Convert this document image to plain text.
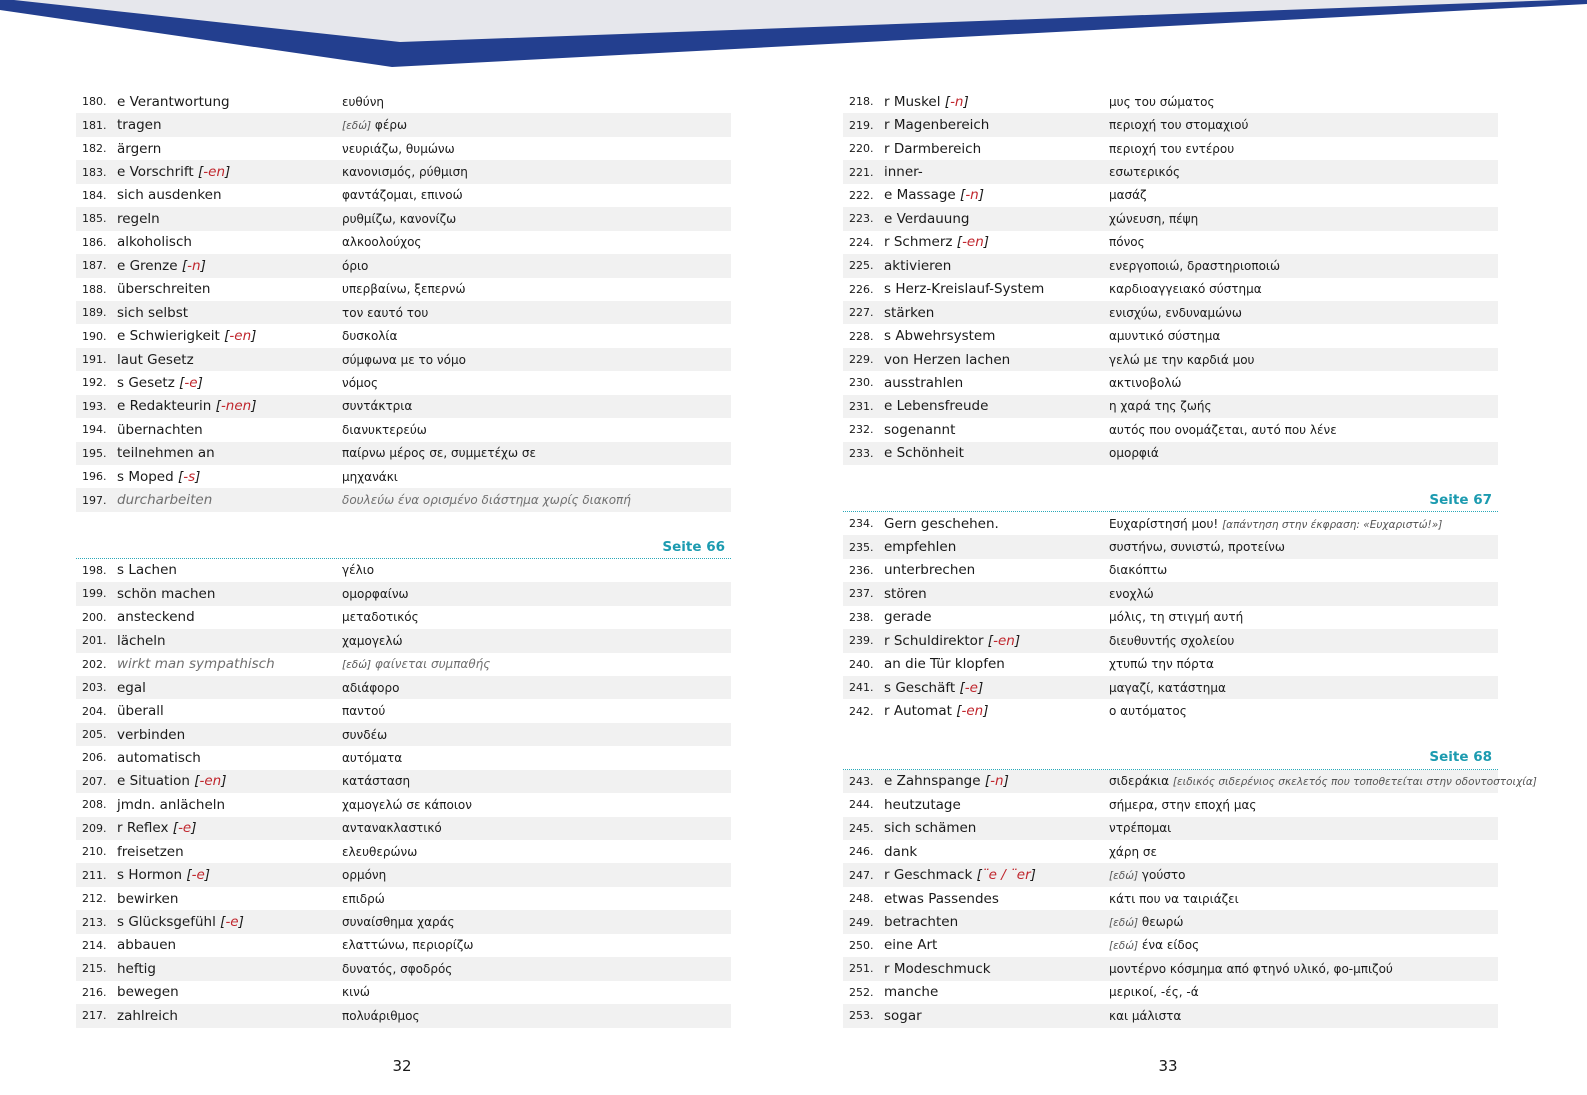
180. e Verantwortung	ευθύνη
181. tragen	[εδώ] φέρω
182. ärgern	νευριάζω, θυμώνω
183. e Vorschrift [-en]	κανονισμός, ρύθμιση
184. sich ausdenken	φαντάζομαι, επινοώ
185. regeln	ρυθμίζω, κανονίζω
186. alkoholisch	αλκοολούχος
187. e Grenze [-n]	όριο
188. überschreiten	υπερβαίνω, ξεπερνώ
189. sich selbst	τον εαυτό του
190. e Schwierigkeit [-en]	δυσκολία
191. laut Gesetz	σύμφωνα με το νόμο
192. s Gesetz [-e]	νόμος
193. e Redakteurin [-nen]	συντάκτρια
194. übernachten	διανυκτερεύω
195. teilnehmen an	παίρνω μέρος σε, συμμετέχω σε
196. s Moped [-s]	μηχανάκι
197. durcharbeiten	δουλεύω ένα ορισμένο διάστημα χωρίς διακοπή
Seite 66
198. s Lachen	γέλιο
199. schön machen	ομορφαίνω
200. ansteckend	μεταδοτικός
201. lächeln	χαμογελώ
202. wirkt man sympathisch	[εδώ] φαίνεται συμπαθής
203. egal	αδιάφορο
204. überall	παντού
205. verbinden	συνδέω
206. automatisch	αυτόματα
207. e Situation [-en]	κατάσταση
208. jmdn. anlächeln	χαμογελώ σε κάποιον
209. r Reflex [-e]	αντανακλαστικό
210. freisetzen	ελευθερώνω
211. s Hormon [-e]	ορμόνη
212. bewirken	επιδρώ
213. s Glücksgefühl [-e]	συναίσθημα χαράς
214. abbauen	ελαττώνω, περιορίζω
215. heftig	δυνατός, σφοδρός
216. bewegen	κινώ
217. zahlreich	πολυάριθμος
218. r Muskel [-n]	μυς του σώματος
219. r Magenbereich	περιοχή του στομαχιού
220. r Darmbereich	περιοχή του εντέρου
221. inner-	εσωτερικός
222. e Massage [-n]	μασάζ
223. e Verdauung	χώνευση, πέψη
224. r Schmerz [-en]	πόνος
225. aktivieren	ενεργοποιώ, δραστηριοποιώ
226. s Herz-Kreislauf-System	καρδιοαγγειακό σύστημα
227. stärken	ενισχύω, ενδυναμώνω
228. s Abwehrsystem	αμυντικό σύστημα
229. von Herzen lachen	γελώ με την καρδιά μου
230. ausstrahlen	ακτινοβολώ
231. e Lebensfreude	η χαρά της ζωής
232. sogenannt	αυτός που ονομάζεται, αυτό που λένε
233. e Schönheit	ομορφιά
Seite 67
234. Gern geschehen.	Ευχαρίστησή μου! [απάντηση στην έκφραση: «Ευχαριστώ!»]
235. empfehlen	συστήνω, συνιστώ, προτείνω
236. unterbrechen	διακόπτω
237. stören	ενοχλώ
238. gerade	μόλις, τη στιγμή αυτή
239. r Schuldirektor [-en]	διευθυντής σχολείου
240. an die Tür klopfen	χτυπώ την πόρτα
241. s Geschäft [-e]	μαγαζί, κατάστημα
242. r Automat [-en]	ο αυτόματος
Seite 68
243. e Zahnspange [-n]	σιδεράκια [ειδικός σιδερένιος σκελετός που τοποθετείται στην οδοντοστοιχία]
244. heutzutage	σήμερα, στην εποχή μας
245. sich schämen	ντρέπομαι
246. dank	χάρη σε
247. r Geschmack [¨e / ¨er]	[εδώ] γούστο
248. etwas Passendes	κάτι που να ταιριάζει
249. betrachten	[εδώ] θεωρώ
250. eine Art	[εδώ] ένα είδος
251. r Modeschmuck	μοντέρνο κόσμημα από φτηνό υλικό, φο-μπιζού
252. manche	μερικοί, -ές, -ά
253. sogar	και μάλιστα
32	33
